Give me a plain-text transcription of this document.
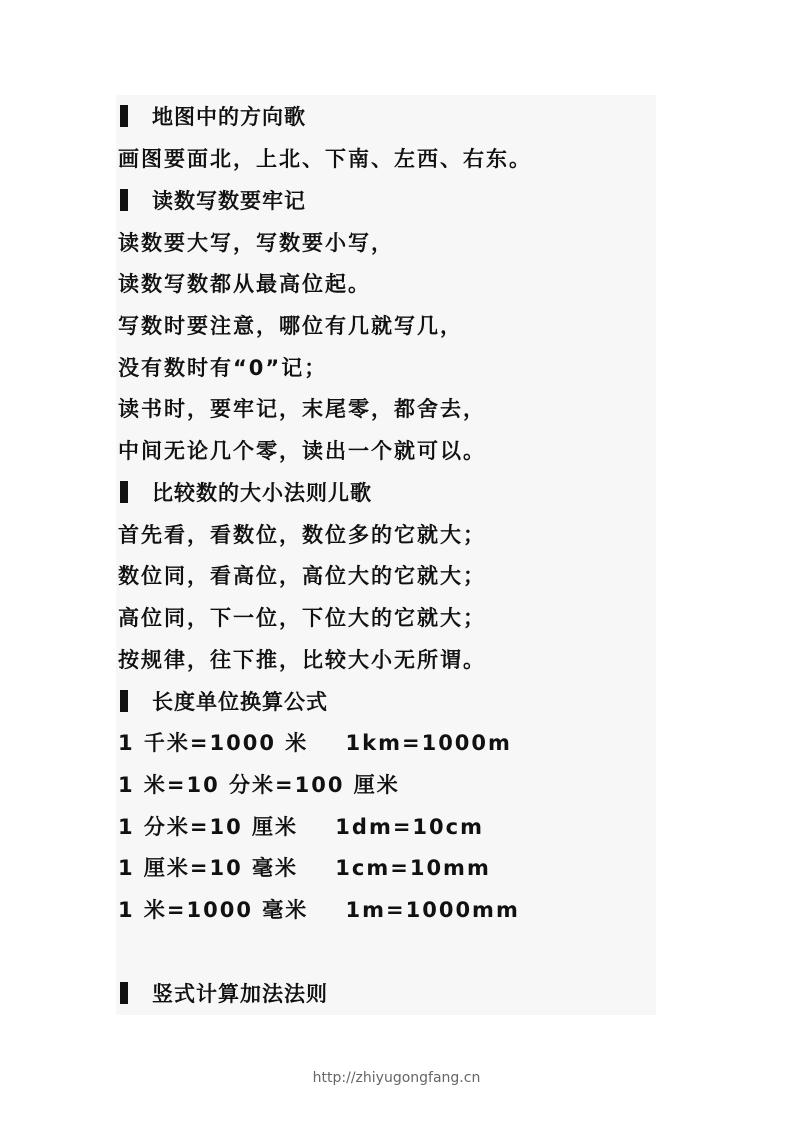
地图中的方向歌
画图要面北，上北、下南、左西、右东。
读数写数要牢记
读数要大写，写数要小写，
读数写数都从最高位起。
写数时要注意，哪位有几就写几，
没有数时有“0”记；
读书时，要牢记，末尾零，都舍去，
中间无论几个零，读出一个就可以。
比较数的大小法则儿歌
首先看，看数位，数位多的它就大；
数位同，看高位，高位大的它就大；
高位同，下一位，下位大的它就大；
按规律，往下推，比较大小无所谓。
长度单位换算公式
1 千米=1000 米    1km=1000m
1 米=10 分米=100 厘米
1 分米=10 厘米    1dm=10cm
1 厘米=10 毫米    1cm=10mm
1 米=1000 毫米    1m=1000mm
竖式计算加法法则
http://zhiyugongfang.cn
